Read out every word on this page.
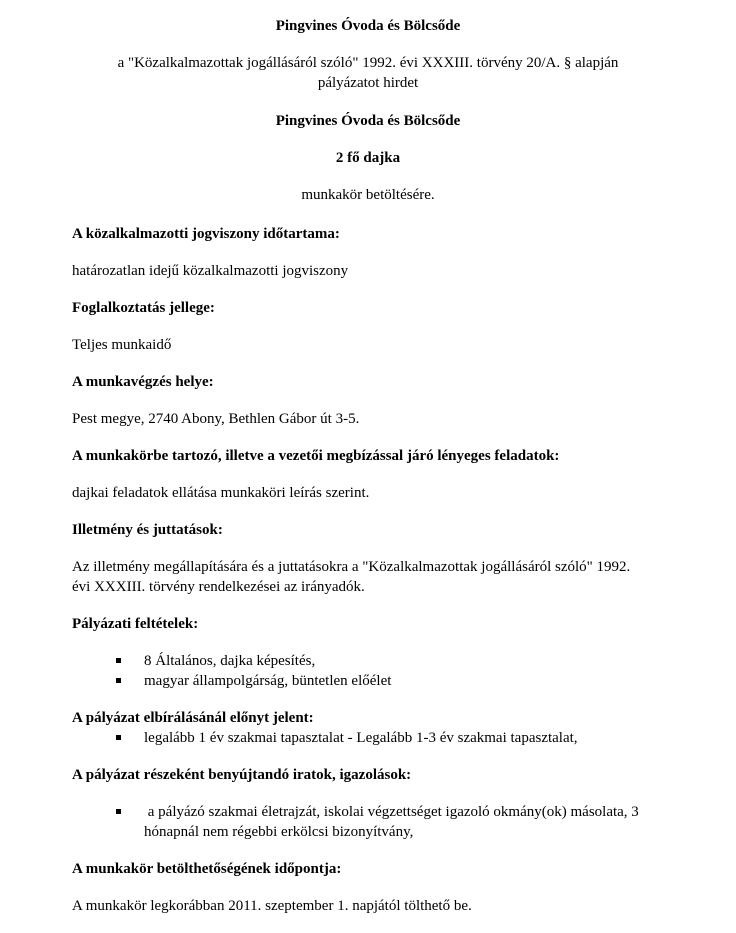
Pingvines Óvoda és Bölcsőde

a "Közalkalmazottak jogállásáról szóló" 1992. évi XXXIII. törvény 20/A. § alapján

pályázatot hirdet

Pingvines Óvoda és Bölcsőde

2 fő dajka

munkakör betöltésére.

A közalkalmazotti jogviszony időtartama:

határozatlan idejű közalkalmazotti jogviszony

Foglalkoztatás jellege:

Teljes munkaidő

A munkavégzés helye:

Pest megye, 2740 Abony, Bethlen Gábor út 3-5.

A munkakörbe tartozó, illetve a vezetői megbízással járó lényeges feladatok:

dajkai feladatok ellátása munkaköri leírás szerint.

Illetmény és juttatások:

Az illetmény megállapítására és a juttatásokra a "Közalkalmazottak jogállásáról szóló" 1992.

évi XXXIII. törvény rendelkezései az irányadók.

Pályázati feltételek:

8 Általános, dajka képesítés,
magyar állampolgárság, büntetlen előélet

A pályázat elbírálásánál előnyt jelent:

legalább 1 év szakmai tapasztalat - Legalább 1-3 év szakmai tapasztalat,

A pályázat részeként benyújtandó iratok, igazolások:

a pályázó szakmai életrajzát, iskolai végzettséget igazoló okmány(ok) másolata, 3
hónapnál nem régebbi erkölcsi bizonyítvány,

A munkakör betölthetőségének időpontja:

A munkakör legkorábban 2011. szeptember 1. napjától tölthető be.
